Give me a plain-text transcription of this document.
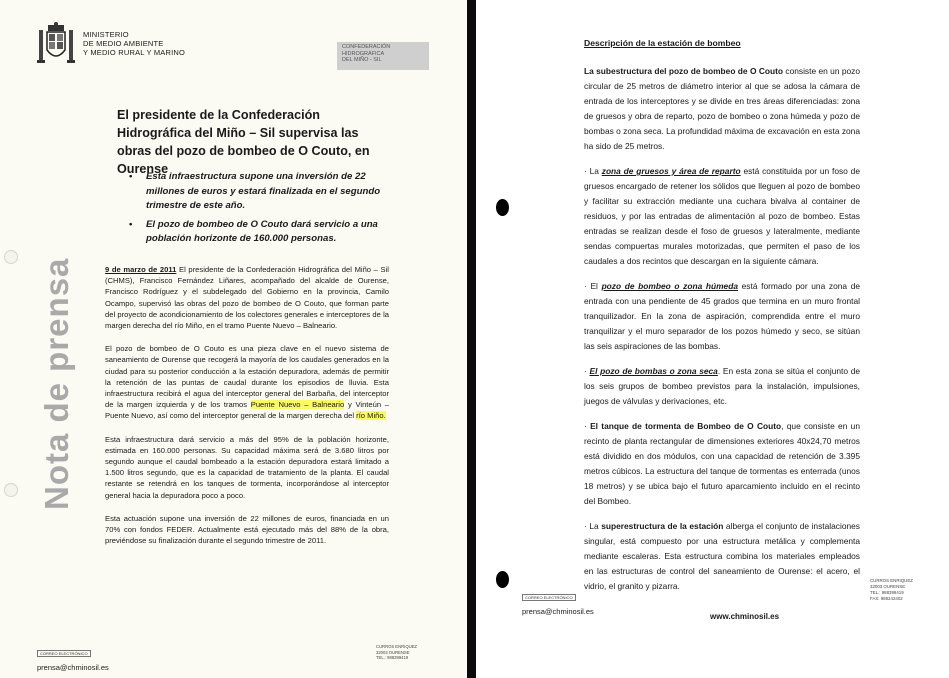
MINISTERIO
DE MEDIO AMBIENTE
Y MEDIO RURAL Y MARINO
CONFEDERACIÓN
HIDROGRÁFICA
DEL MIÑO - SIL
El presidente de la Confederación Hidrográfica del Miño – Sil supervisa las obras del pozo de bombeo de O Couto, en Ourense
• Esta infraestructura supone una inversión de 22 millones de euros y estará finalizada en el segundo trimestre de este año.
• El pozo de bombeo de O Couto dará servicio a una población horizonte de 160.000 personas.
Nota de prensa	9 de marzo de 2011 El presidente de la Confederación Hidrográfica del Miño – Sil (CHMS), Francisco Fernández Liñares, acompañado del alcalde de Ourense, Francisco Rodríguez y el subdelegado del Gobierno en la provincia, Camilo Ocampo, supervisó las obras del pozo de bombeo de O Couto, que forman parte del proyecto de acondicionamiento de los colectores generales e interceptores de la margen derecha del río Miño, en el tramo Puente Nuevo – Balneario.

El pozo de bombeo de O Couto es una pieza clave en el nuevo sistema de saneamiento de Ourense que recogerá la mayoría de los caudales generados en la ciudad para su posterior conducción a la estación depuradora, además de permitir la retención de las puntas de caudal durante los episodios de lluvia. Esta infraestructura recibirá el agua del interceptor general del Barbaña, del interceptor de la margen izquierda y de los tramos Puente Nuevo – Balneario y Vinteún – Puente Nuevo, así como del interceptor general de la margen derecha del río Miño.

Esta infraestructura dará servicio a más del 95% de la población horizonte, estimada en 160.000 personas. Su capacidad máxima será de 3.680 litros por segundo aunque el caudal bombeado a la estación depuradora estará limitado a 1.500 litros segundo, que es la capacidad de tratamiento de la planta. El caudal restante se retendrá en los tanques de tormenta, incorporándose al interceptor general hacia la depuradora poco a poco.

Esta actuación supone una inversión de 22 millones de euros, financiada en un 70% con fondos FEDER. Actualmente está ejecutado más del 88% de la obra, previéndose su finalización durante el segundo trimestre de 2011.

CORREO ELECTRÓNICO
prensa@chminosil.es
CURROS ENRIQUEZ
32003 OURENSE
TEL.: 988399419
Descripción de la estación de bombeo

La subestructura del pozo de bombeo de O Couto consiste en un pozo circular de 25 metros de diámetro interior al que se adosa la cámara de entrada de los interceptores y se divide en tres áreas diferenciadas: zona de gruesos y obra de reparto, pozo de bombeo o zona húmeda y pozo de bombas o zona seca. La profundidad máxima de excavación en esta zona ha sido de 25 metros.

· La zona de gruesos y área de reparto está constituida por un foso de gruesos encargado de retener los sólidos que lleguen al pozo de bombeo y facilitar su extracción mediante una cuchara bivalva al container de residuos, y por las entradas de alimentación al pozo de bombeo. Estas entradas se realizan desde el foso de gruesos y lateralmente, mediante sendas compuertas murales motorizadas, que permiten el paso de los caudales a dos recintos que descargan en la siguiente cámara.

· El pozo de bombeo o zona húmeda está formado por una zona de entrada con una pendiente de 45 grados que termina en un muro frontal tranquilizador. En la zona de aspiración, comprendida entre el muro tranquilizar y el muro separador de los pozos húmedo y seco, se sitúan las seis aspiraciones de las bombas.

· El pozo de bombas o zona seca. En esta zona se sitúa el conjunto de los seis grupos de bombeo previstos para la instalación, impulsiones, juegos de válvulas y derivaciones, etc.

· El tanque de tormenta de Bombeo de O Couto, que consiste en un recinto de planta rectangular de dimensiones exteriores 40x24,70 metros está dividido en dos módulos, con una capacidad de retención de 3.395 metros cúbicos. La estructura del tanque de tormentas es enterrada (unos 18 metros) y se ubica bajo el futuro aparcamiento incluido en el recinto del Bombeo.

· La superestructura de la estación alberga el conjunto de instalaciones singular, está compuesto por una estructura metálica y complementa mediante escaleras. Esta estructura combina los materiales empleados en las estructuras de control del saneamiento de Ourense: el acero, el vidrio, el granito y pizarra.

CORREO ELECTRÓNICO
prensa@chminosil.es
www.chminosil.es
CURROS ENRIQUEZ
32003 OURENSE
TEL.: 988399419
FAX: 988242402
